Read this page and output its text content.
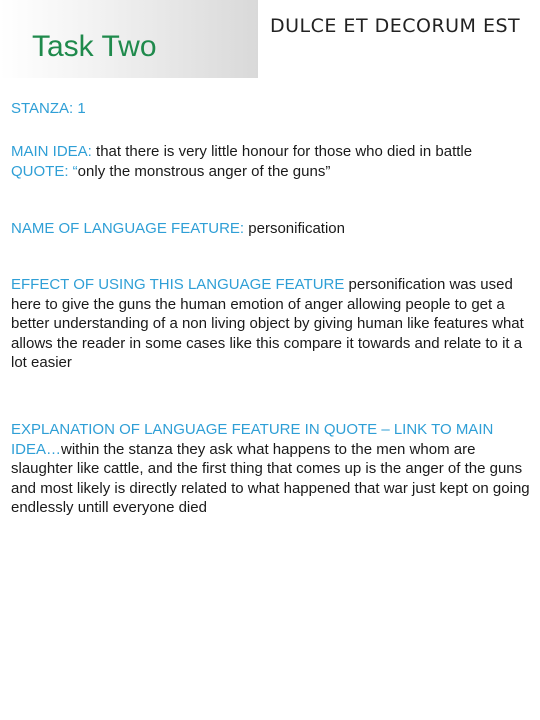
Task Two
DULCE ET DECORUM EST
STANZA: 1
MAIN IDEA: that there is very little honour for those who died in battle
QUOTE: “only the monstrous anger of the guns”
NAME OF LANGUAGE FEATURE: personification
EFFECT OF USING THIS LANGUAGE FEATURE personification was used here to give the guns the human emotion of anger allowing people to get a better understanding of a non living object by giving human like features what allows the reader in some cases like this compare it towards and relate to it a lot easier
EXPLANATION OF LANGUAGE FEATURE IN QUOTE – LINK TO MAIN IDEA…within the stanza they ask what happens to the men whom are slaughter like cattle, and the first thing that comes up is the anger of the guns and most likely is directly related to what happened that war just kept on going endlessly untill everyone died
